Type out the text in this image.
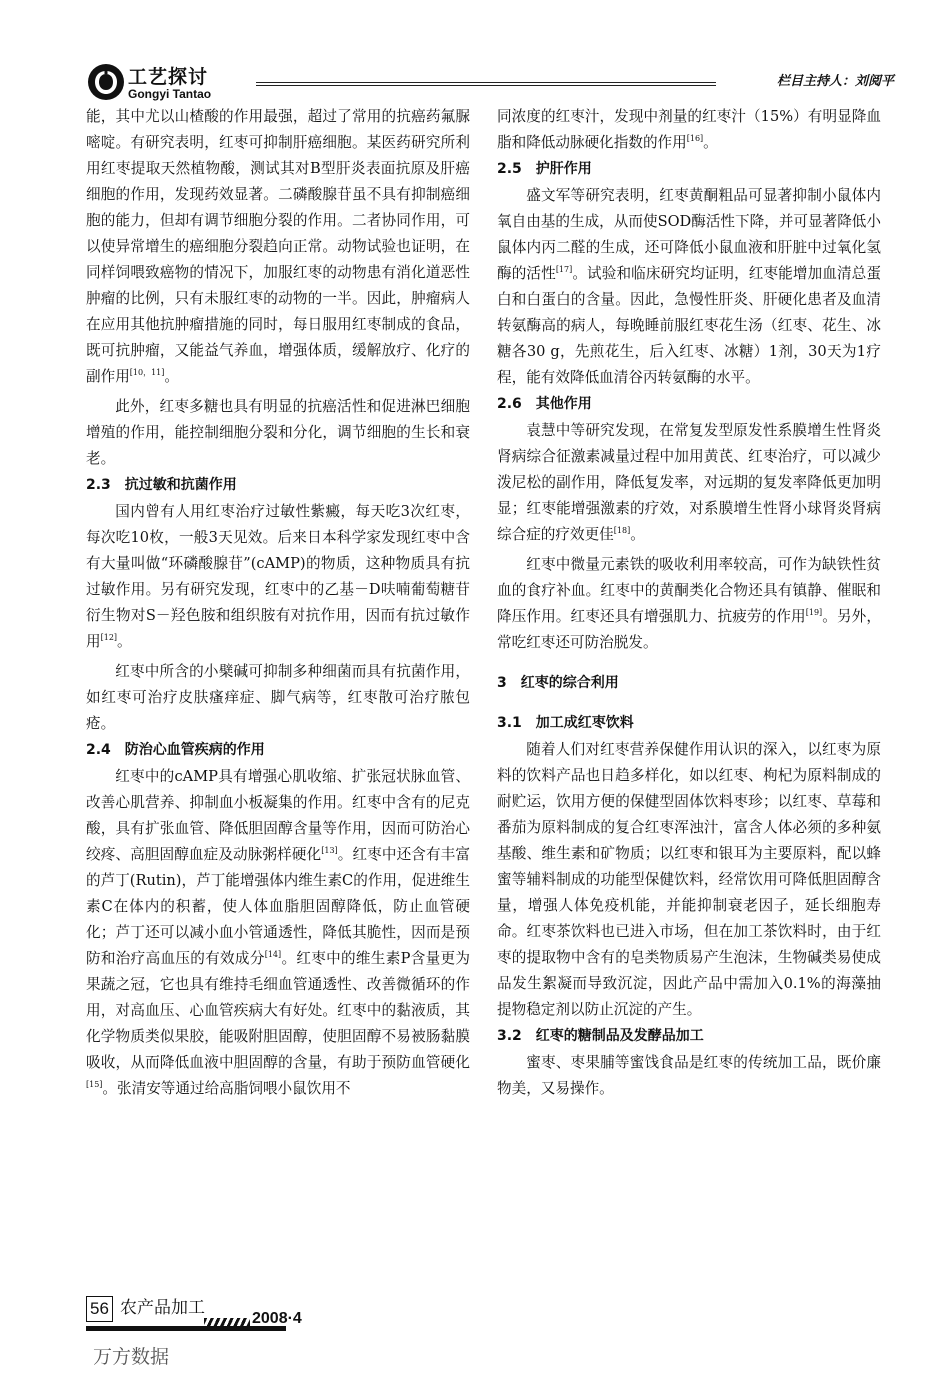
工艺探讨
Gongyi Tantao
栏目主持人：刘阅平

能，其中尤以山楂酸的作用最强，超过了常用的抗癌药氟脲嘧啶。有研究表明，红枣可抑制肝癌细胞。某医药研究所利用红枣提取天然植物酸，测试其对B型肝炎表面抗原及肝癌细胞的作用，发现药效显著。二磷酸腺苷虽不具有抑制癌细胞的能力，但却有调节细胞分裂的作用。二者协同作用，可以使异常增生的癌细胞分裂趋向正常。动物试验也证明，在同样饲喂致癌物的情况下，加服红枣的动物患有消化道恶性肿瘤的比例，只有未服红枣的动物的一半。因此，肿瘤病人在应用其他抗肿瘤措施的同时，每日服用红枣制成的食品，既可抗肿瘤，又能益气养血，增强体质，缓解放疗、化疗的副作用[10，11]。

此外，红枣多糖也具有明显的抗癌活性和促进淋巴细胞增殖的作用，能控制细胞分裂和分化，调节细胞的生长和衰老。

2.3　抗过敏和抗菌作用

国内曾有人用红枣治疗过敏性紫癜，每天吃3次红枣，每次吃10枚，一般3天见效。后来日本科学家发现红枣中含有大量叫做“环磷酸腺苷”(cAMP)的物质，这种物质具有抗过敏作用。另有研究发现，红枣中的乙基－D呋喃葡萄糖苷衍生物对S－羟色胺和组织胺有对抗作用，因而有抗过敏作用[12]。

红枣中所含的小檗碱可抑制多种细菌而具有抗菌作用，如红枣可治疗皮肤瘙痒症、脚气病等，红枣散可治疗脓包疮。

2.4　防治心血管疾病的作用

红枣中的cAMP具有增强心肌收缩、扩张冠状脉血管、改善心肌营养、抑制血小板凝集的作用。红枣中含有的尼克酸，具有扩张血管、降低胆固醇含量等作用，因而可防治心绞疼、高胆固醇血症及动脉粥样硬化[13]。红枣中还含有丰富的芦丁(Rutin)，芦丁能增强体内维生素C的作用，促进维生素C在体内的积蓄，使人体血脂胆固醇降低，防止血管硬化；芦丁还可以减小血小管通透性，降低其脆性，因而是预防和治疗高血压的有效成分[14]。红枣中的维生素P含量更为果蔬之冠，它也具有维持毛细血管通透性、改善微循环的作用，对高血压、心血管疾病大有好处。红枣中的黏液质，其化学物质类似果胶，能吸附胆固醇，使胆固醇不易被肠黏膜吸收，从而降低血液中胆固醇的含量，有助于预防血管硬化[15]。张清安等通过给高脂饲喂小鼠饮用不

同浓度的红枣汁，发现中剂量的红枣汁（15%）有明显降血脂和降低动脉硬化指数的作用[16]。

2.5　护肝作用

盛文军等研究表明，红枣黄酮粗品可显著抑制小鼠体内氧自由基的生成，从而使SOD酶活性下降，并可显著降低小鼠体内丙二醛的生成，还可降低小鼠血液和肝脏中过氧化氢酶的活性[17]。试验和临床研究均证明，红枣能增加血清总蛋白和白蛋白的含量。因此，急慢性肝炎、肝硬化患者及血清转氨酶高的病人，每晚睡前服红枣花生汤（红枣、花生、冰糖各30 g，先煎花生，后入红枣、冰糖）1剂，30天为1疗程，能有效降低血清谷丙转氨酶的水平。

2.6　其他作用

袁慧中等研究发现，在常复发型原发性系膜增生性肾炎肾病综合征激素减量过程中加用黄芪、红枣治疗，可以减少泼尼松的副作用，降低复发率，对远期的复发率降低更加明显；红枣能增强激素的疗效，对系膜增生性肾小球肾炎肾病综合症的疗效更佳[18]。

红枣中微量元素铁的吸收利用率较高，可作为缺铁性贫血的食疗补血。红枣中的黄酮类化合物还具有镇静、催眠和降压作用。红枣还具有增强肌力、抗疲劳的作用[19]。另外，常吃红枣还可防治脱发。

3　红枣的综合利用
3.1　加工成红枣饮料

随着人们对红枣营养保健作用认识的深入，以红枣为原料的饮料产品也日趋多样化，如以红枣、枸杞为原料制成的耐贮运，饮用方便的保健型固体饮料枣珍；以红枣、草莓和番茄为原料制成的复合红枣浑浊汁，富含人体必须的多种氨基酸、维生素和矿物质；以红枣和银耳为主要原料，配以蜂蜜等辅料制成的功能型保健饮料，经常饮用可降低胆固醇含量，增强人体免疫机能，并能抑制衰老因子，延长细胞寿命。红枣茶饮料也已进入市场，但在加工茶饮料时，由于红枣的提取物中含有的皂类物质易产生泡沫，生物碱类易使成品发生絮凝而导致沉淀，因此产品中需加入0.1%的海藻抽提物稳定剂以防止沉淀的产生。

3.2　红枣的糖制品及发酵品加工

蜜枣、枣果脯等蜜饯食品是红枣的传统加工品，既价廉物美，又易操作。

56 农产品加工
2008·4
万方数据
